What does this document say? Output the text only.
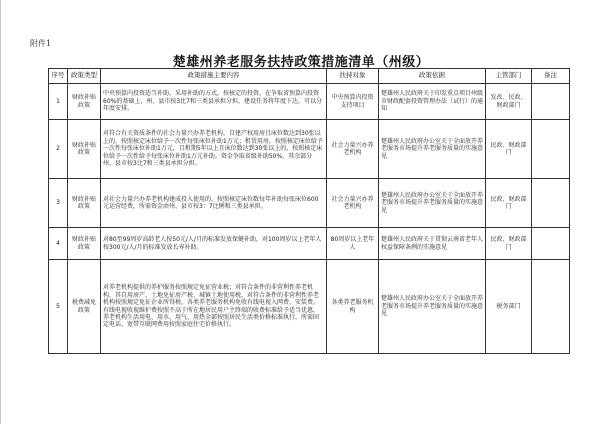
附件1
楚雄州养老服务扶持政策措施清单（州级）
序号	政策类型	政策措施主要内容	扶持对象	政策依据	主管部门	备注
1	财政补贴政策	中央预算内投资适当补助。采用补助的方式，按核定的投资，在争取省预算内投资60%的基础上，州、县市按3比7和三类县承担分担，建设任务将年度下达，可以分年度安排。	中央预算内投资支持项目	楚雄州人民政府关于印发重点项目州级市财政配套投资管理办法（试行）的通知	发改、民政、财政部门	
2	财政补贴政策	对符合有关资质条件的社会力量兴办养老机构，自建产权用房且床位数达到30张以上的，按照核定床位给予一次性每张床位补助1万元；租赁用房，按照核定床位给予一次性每张床位补助1万元，且租期5年以上且床位数达到30张以上的，按照核定床位给予一次性给予每张床位补助1万元补助。资金争取省级补助50%，其余部分州、县市按3比7和三类县承担分担。	社会力量兴办养老机构	楚雄州人民政府办公室关于全面放开养老服务市场提升养老服务质量的实施意见	民政、财政部门	
3	财政补贴政策	对社会力量兴办养老机构建成投入使用的，按照核定床位数每年补助每张床位600元运营经费，所需资金由州、县市按3：7比例和三类县承担。	社会力量兴办养老机构	楚雄州人民政府办公室关于全面放开养老服务市场提升养老服务质量的实施意见	民政、财政部门	
4	财政补贴政策	对80至99周岁高龄老人按50元/人/月的标准发放保健补助，对100周岁以上老年人按300元/人/月的标准发放长寿补助。	80周岁以上老年人	楚雄州人民政府关于贯彻云南省老年人权益保障条例的实施意见	民政、财政部门	
5	税费减免政策	对养老机构提供的养护服务按照规定免征营业税；对符合条件的非营利性养老机构，其自用房产、土地免征房产税、城镇土地使用税，对符合条件的非营利性养老机构按照规定免征企业所得税。各类养老服务机构免收有线电视入网费、安装费。有线电视收视维护费按照不高于所在地居民用户主终端的收费标准给予适当优惠，养老机构生活用电、用水、用气、用热全部按照居民生活类价格标准执行，所需固定电话、宽带互联网费用按照家庭住宅价格执行。	各类养老服务机构	楚雄州人民政府办公室关于全面放开养老服务市场提升养老服务质量的实施意见	税务部门	
